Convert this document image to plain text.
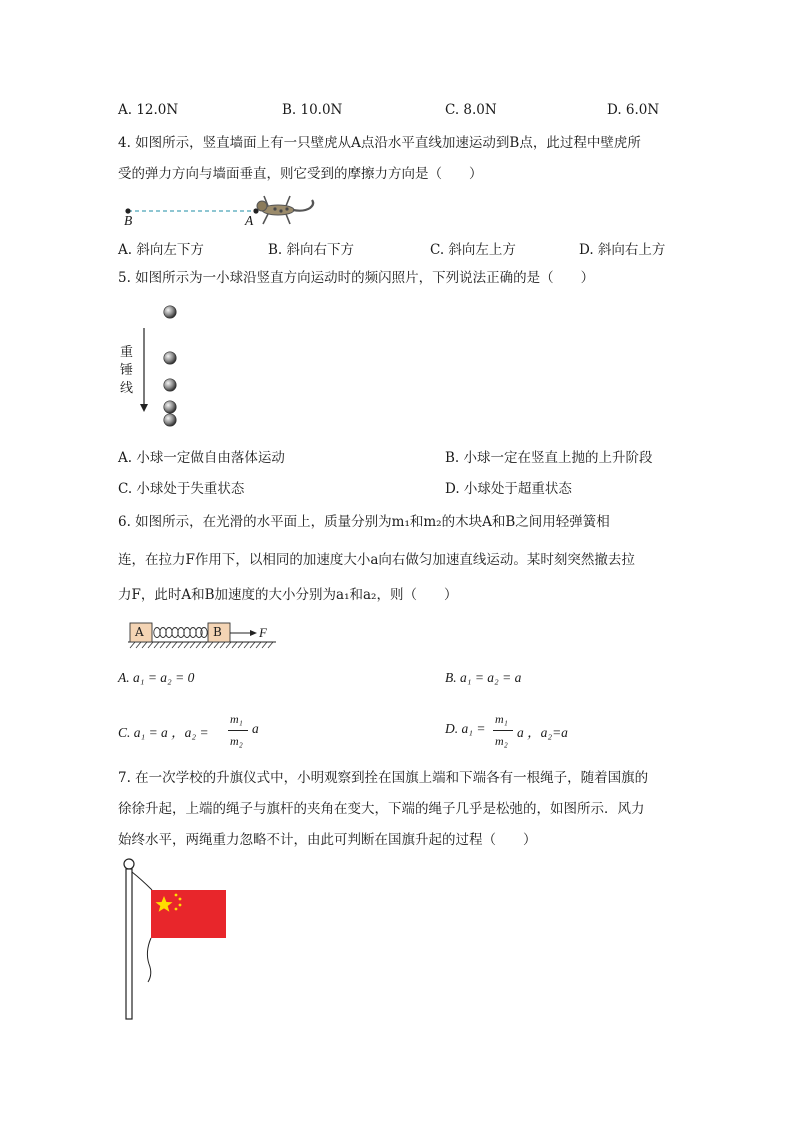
A. 12.0N	B. 10.0N	C. 8.0N	D. 6.0N
4. 如图所示，竖直墙面上有一只壁虎从A点沿水平直线加速运动到B点，此过程中壁虎所
受的弹力方向与墙面垂直，则它受到的摩擦力方向是（　　）
B	A
A. 斜向左下方	B. 斜向右下方	C. 斜向左上方	D. 斜向右上方
5. 如图所示为一小球沿竖直方向运动时的频闪照片，下列说法正确的是（　　）
重
锤
线
A. 小球一定做自由落体运动	B. 小球一定在竖直上抛的上升阶段
C. 小球处于失重状态	D. 小球处于超重状态
6. 如图所示，在光滑的水平面上，质量分别为m₁和m₂的木块A和B之间用轻弹簧相
连，在拉力F作用下，以相同的加速度大小a向右做匀加速直线运动。某时刻突然撤去拉
力F，此时A和B加速度的大小分别为a₁和a₂，则（　　）
A	B	F
A. a₁ = a₂ = 0	B. a₁ = a₂ = a
C. a₁ = a ，a₂ =
m₁
m₂
a	D. a₁ =
m₁
m₂
a ，a₂=a
7. 在一次学校的升旗仪式中，小明观察到拴在国旗上端和下端各有一根绳子，随着国旗的
徐徐升起，上端的绳子与旗杆的夹角在变大，下端的绳子几乎是松弛的，如图所示．风力
始终水平，两绳重力忽略不计，由此可判断在国旗升起的过程（　　）
